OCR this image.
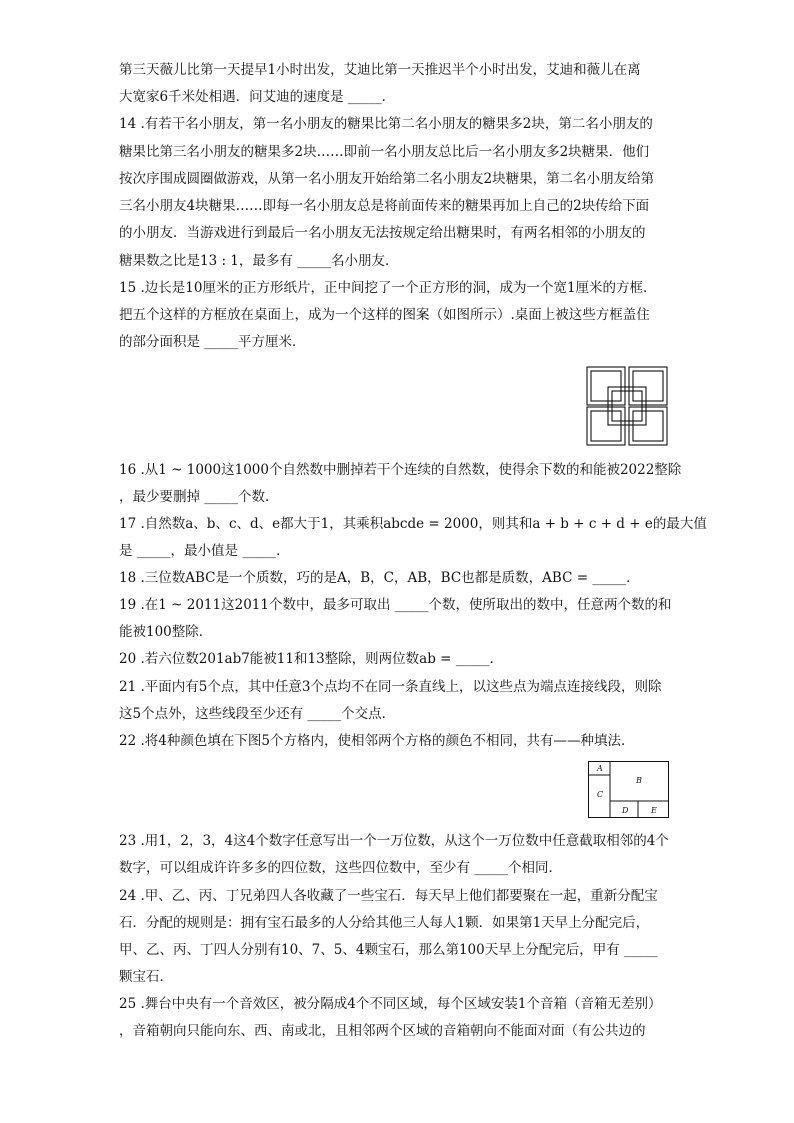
第三天薇儿比第一天提早1小时出发，艾迪比第一天推迟半个小时出发，艾迪和薇儿在离
大宽家6千米处相遇．问艾迪的速度是 _____．
14 .有若干名小朋友，第一名小朋友的糖果比第二名小朋友的糖果多2块，第二名小朋友的
糖果比第三名小朋友的糖果多2块……即前一名小朋友总比后一名小朋友多2块糖果．他们
按次序围成圆圈做游戏，从第一名小朋友开始给第二名小朋友2块糖果，第二名小朋友给第
三名小朋友4块糖果……即每一名小朋友总是将前面传来的糖果再加上自己的2块传给下面
的小朋友．当游戏进行到最后一名小朋友无法按规定给出糖果时，有两名相邻的小朋友的
糖果数之比是13 : 1，最多有 _____名小朋友．
15 .边长是10厘米的正方形纸片，正中间挖了一个正方形的洞，成为一个宽1厘米的方框．
把五个这样的方框放在桌面上，成为一个这样的图案（如图所示）.桌面上被这些方框盖住
的部分面积是 _____平方厘米．
16 .从1 ~ 1000这1000个自然数中删掉若干个连续的自然数，使得余下数的和能被2022整除
，最少要删掉 _____个数．
17 .自然数a、b、c、d、e都大于1，其乘积abcde = 2000，则其和a + b + c + d + e的最大值
是 _____，最小值是 _____．
18 .三位数ABC是一个质数，巧的是A，B，C，AB，BC也都是质数，ABC = _____．
19 .在1 ~ 2011这2011个数中，最多可取出 _____个数，使所取出的数中，任意两个数的和
能被100整除．
20 .若六位数201ab7能被11和13整除，则两位数ab = _____．
21 .平面内有5个点，其中任意3个点均不在同一条直线上，以这些点为端点连接线段，则除
这5个点外，这些线段至少还有 _____个交点．
22 .将4种颜色填在下图5个方格内，使相邻两个方格的颜色不相同，共有——种填法．
A
B
C
D	E
23 .用1，2，3，4这4个数字任意写出一个一万位数，从这个一万位数中任意截取相邻的4个
数字，可以组成许许多多的四位数，这些四位数中，至少有 _____个相同．
24 .甲、乙、丙、丁兄弟四人各收藏了一些宝石．每天早上他们都要聚在一起，重新分配宝
石．分配的规则是：拥有宝石最多的人分给其他三人每人1颗．如果第1天早上分配完后，
甲、乙、丙、丁四人分别有10、7、5、4颗宝石，那么第100天早上分配完后，甲有 _____
颗宝石．
25 .舞台中央有一个音效区，被分隔成4个不同区域，每个区域安装1个音箱（音箱无差别）
，音箱朝向只能向东、西、南或北，且相邻两个区域的音箱朝向不能面对面（有公共边的
